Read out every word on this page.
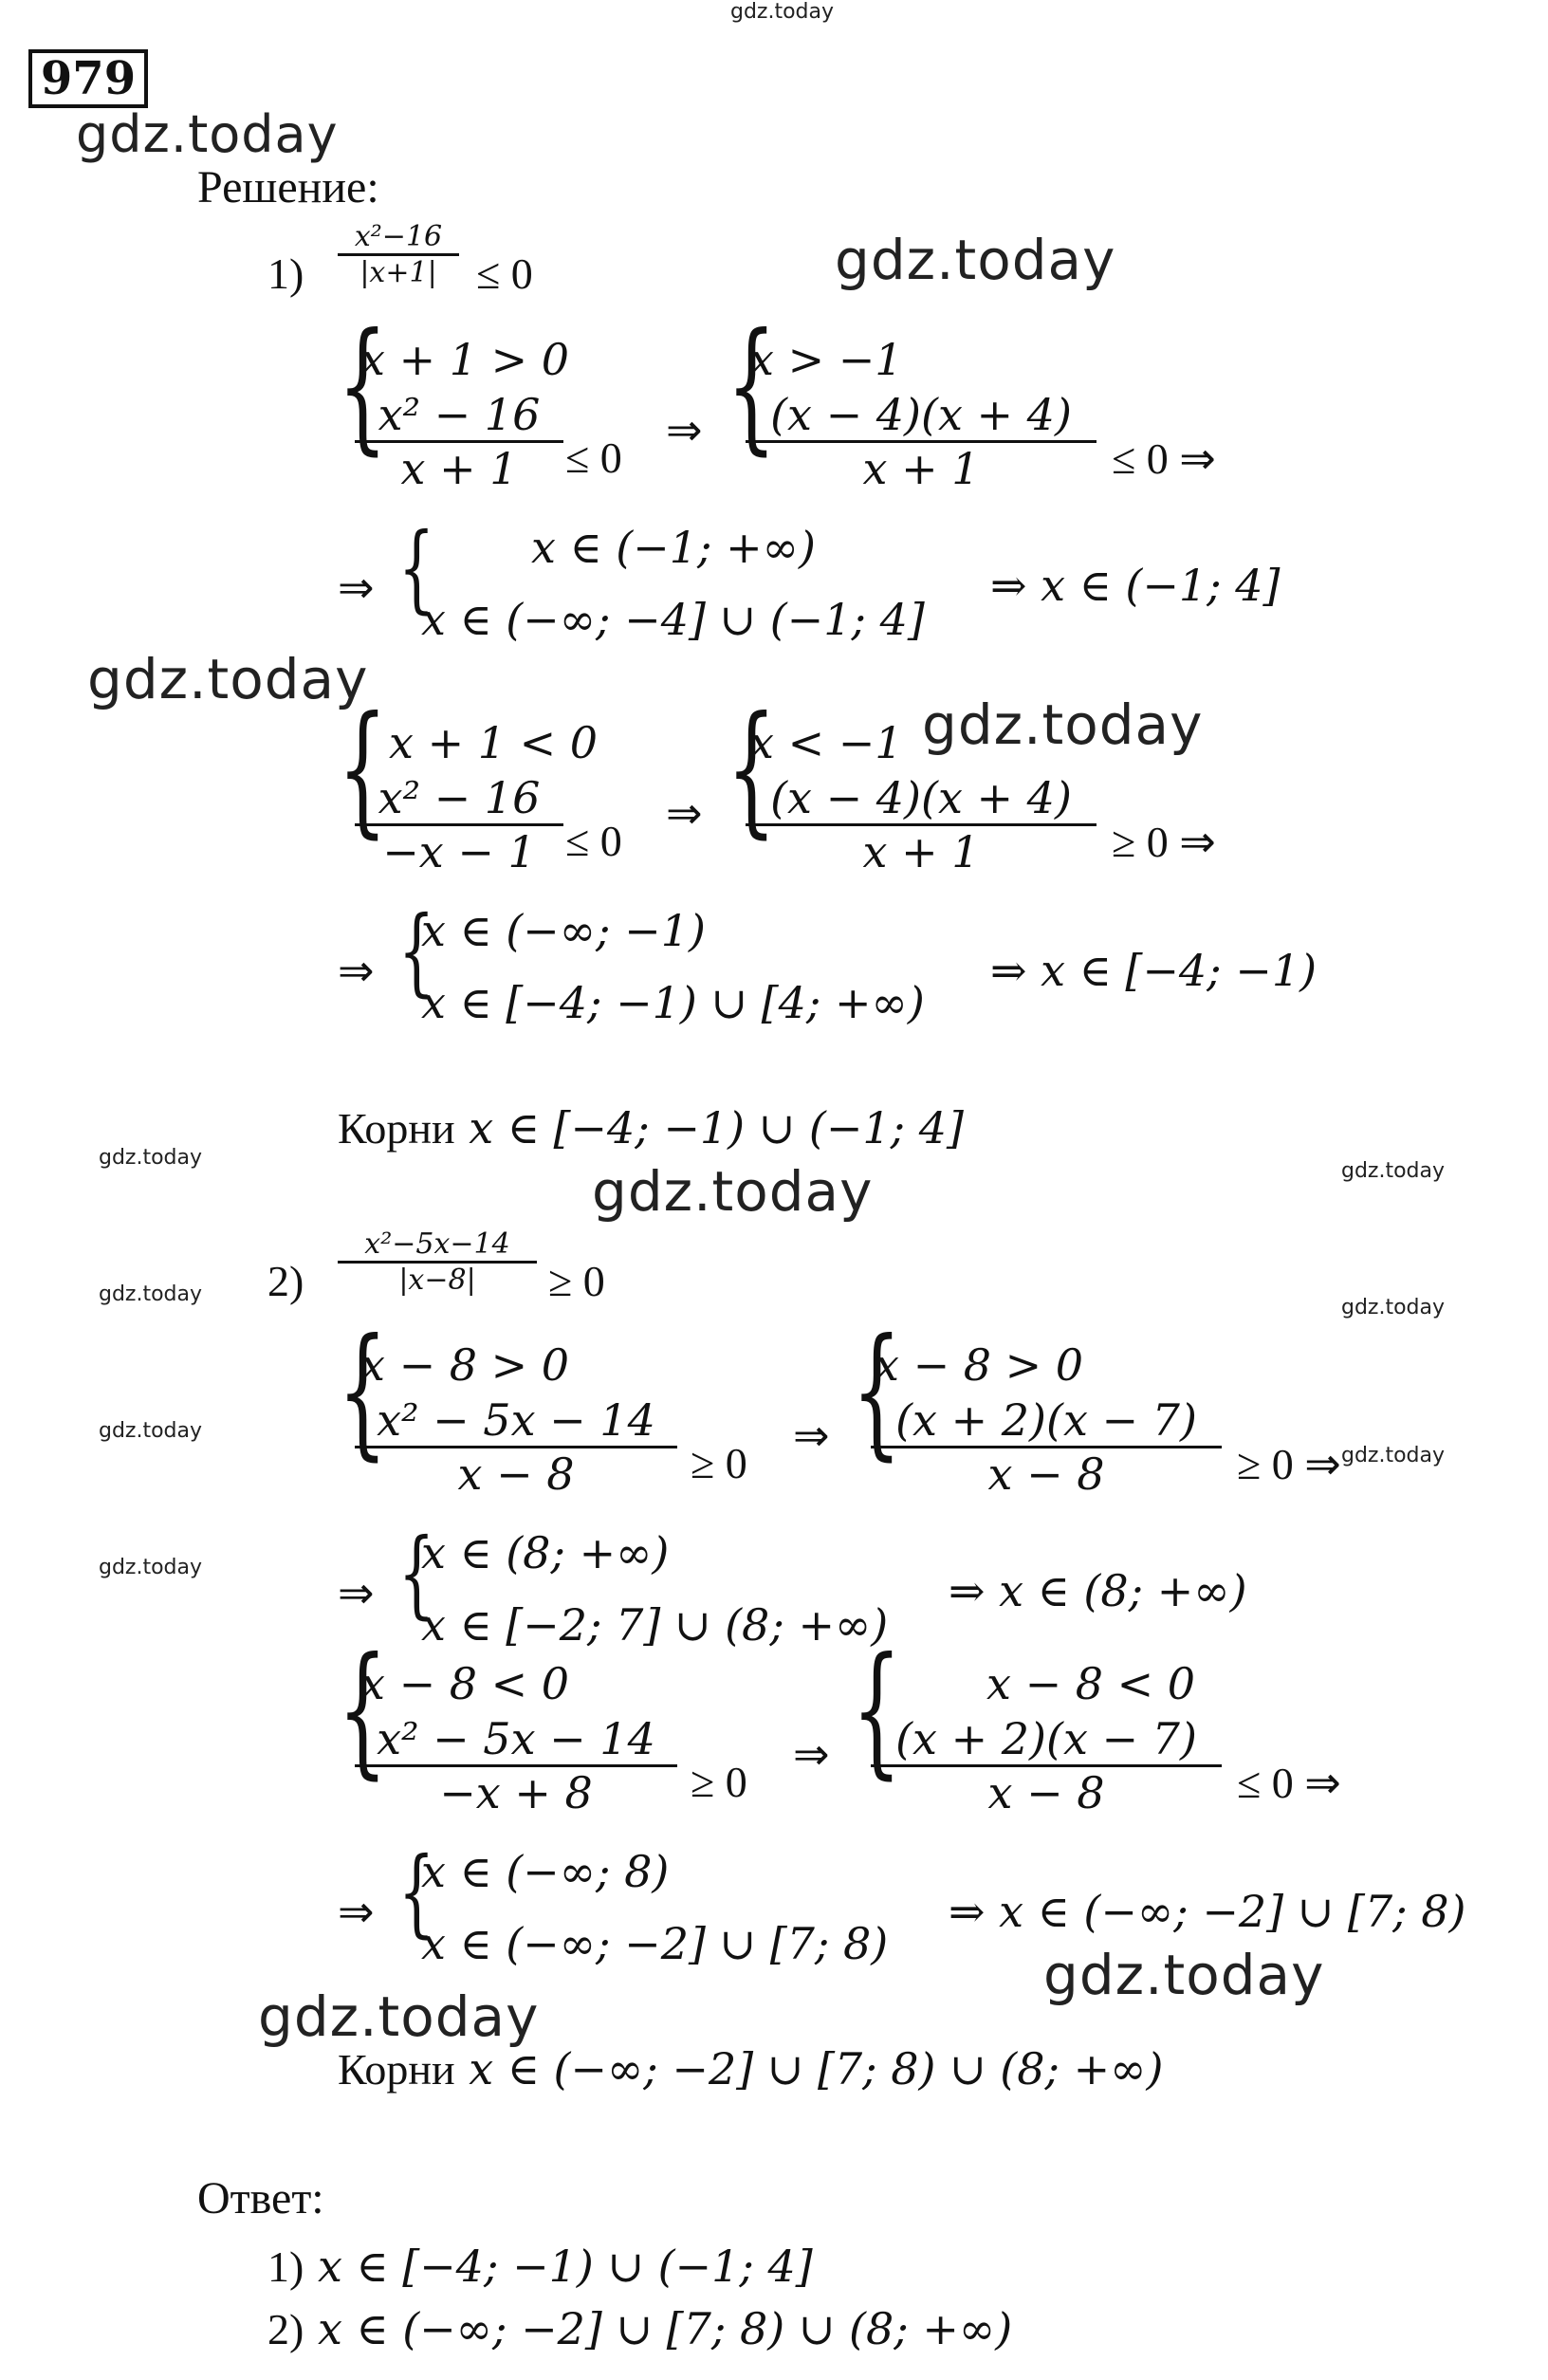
gdz.today
gdz.today
gdz.today
gdz.today
gdz.today
gdz.today
gdz.today
gdz.today
gdz.today
gdz.today
gdz.today
gdz.today
gdz.today
gdz.today
gdz.today
979
Решение:
$1) \frac{\text{x²−16}}{|x+1|} \le 0$
{
x + 1 > 0
$\frac{\text{x² − 16}}{x + 1} \le 0$
⇒ {
x > −1
$\frac{(x - 4)(x + 4)}{x + 1} \le 0$ ⇒
⇒ { x ∈ (−1; +∞)
x ∈ (−∞; −4] ∪ (−1; 4]
⇒ x ∈ (−1; 4]
{ x + 1 < 0
$\frac{\text{x² − 16}}{-x - 1} \le 0$
⇒ {
x < −1
$\frac{(x - 4)(x + 4)}{x + 1} \ge 0$ ⇒
⇒ {
x ∈ (−∞; −1)
x ∈ [−4; −1) ∪ [4; +∞)
⇒ x ∈ [−4; −1)
Корни x ∈ [−4; −1) ∪ (−1; 4]
$2) \frac{\text{x²−5x−14}}{|x-8|} \ge 0$
{
x − 8 > 0
$\frac{\text{x² − 5x − 14}}{x - 8} \ge 0$
⇒ {
x − 8 > 0
$\frac{(x + 2)(x - 7)}{x - 8} \ge 0$ ⇒
⇒ {
x ∈ (8; +∞)
x ∈ [−2; 7] ∪ (8; +∞)
⇒ x ∈ (8; +∞)
{
x − 8 < 0
$\frac{\text{x² − 5x − 14}}{-x + 8} \ge 0$
⇒ { x − 8 < 0
$\frac{(x + 2)(x - 7)}{x - 8} \le 0$ ⇒
⇒ {
x ∈ (−∞; 8)
x ∈ (−∞; −2] ∪ [7; 8)
⇒ x ∈ (−∞; −2] ∪ [7; 8)
Корни x ∈ (−∞; −2] ∪ [7; 8) ∪ (8; +∞)
Ответ:
1) x ∈ [−4; −1) ∪ (−1; 4]
2) x ∈ (−∞; −2] ∪ [7; 8) ∪ (8; +∞)
